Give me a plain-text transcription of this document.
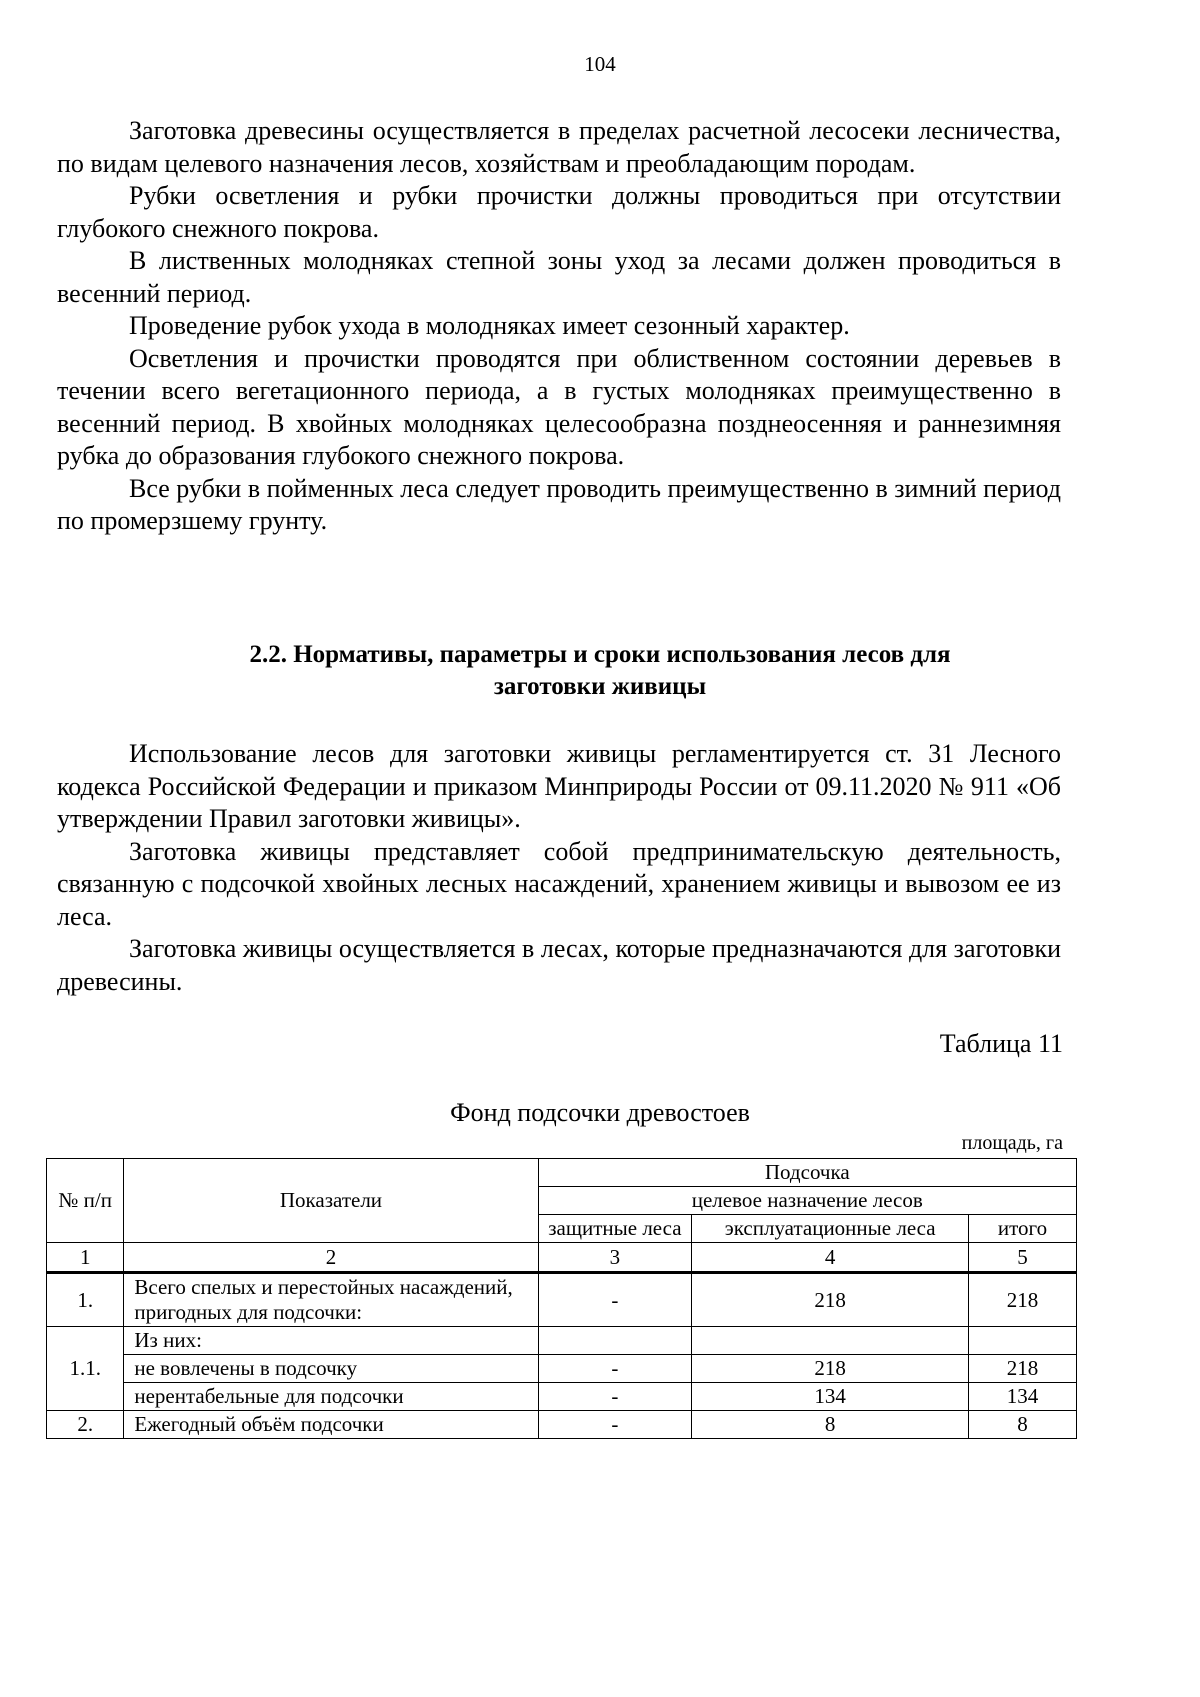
104

Заготовка древесины осуществляется в пределах расчетной лесосеки лесничества, по видам целевого назначения лесов, хозяйствам и преобладающим породам.

Рубки осветления и рубки прочистки должны проводиться при отсутствии глубокого снежного покрова.

В лиственных молодняках степной зоны уход за лесами должен проводиться в весенний период.

Проведение рубок ухода в молодняках имеет сезонный характер.

Осветления и прочистки проводятся при облиственном состоянии деревьев в течении всего вегетационного периода, а в густых молодняках преимущественно в весенний период. В хвойных молодняках целесообразна позднеосенняя и раннезимняя рубка до образования глубокого снежного покрова.

Все рубки в пойменных леса следует проводить преимущественно в зимний период по промерзшему грунту.

2.2. Нормативы, параметры и сроки использования лесов для
заготовки живицы

Использование лесов для заготовки живицы регламентируется ст. 31 Лесного кодекса Российской Федерации и приказом Минприроды России от 09.11.2020 № 911 «Об утверждении Правил заготовки живицы».

Заготовка живицы представляет собой предпринимательскую деятельность, связанную с подсочкой хвойных лесных насаждений, хранением живицы и вывозом ее из леса.

Заготовка живицы осуществляется в лесах, которые предназначаются для заготовки древесины.

Таблица 11
Фонд подсочки древостоев
площадь, га
№ п/п	Показатели	Подсочка		
		целевое назначение лесов		
		защитные леса	эксплуатационные леса	итого
1	2	3	4	5
1.	Всего спелых и перестойных насаждений, пригодных для подсочки:	-	218	218
1.1.	Из них:			
	не вовлечены в подсочку	-	218	218
	нерентабельные для подсочки	-	134	134
2.	Ежегодный объём подсочки	-	8	8
